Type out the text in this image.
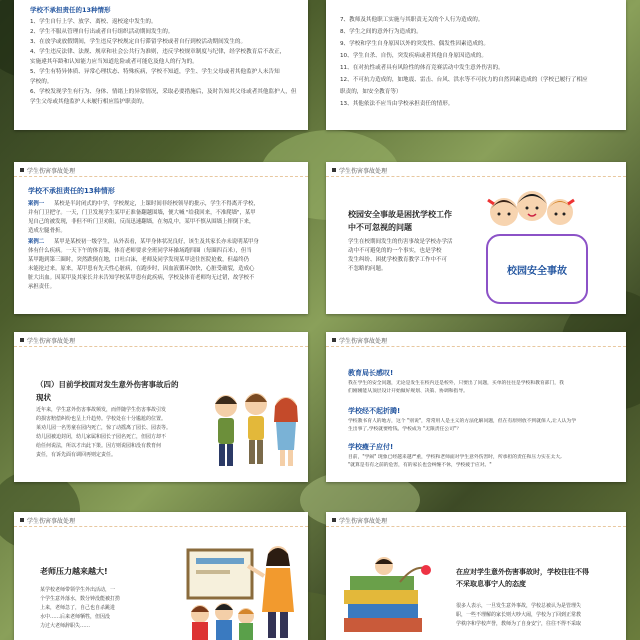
学校不承担责任的13种情形
1、学生自行上学、放学、离校、返校途中发生的。
2、学生不服从管理自行出或者自行组织活动期间发生的。
3、在放学或放假期间，学生违反学校规定自行滞留学校或者自行到校活动期间发生的。
4、学生违反法律、法规、规章和社会公共行为准则，违反学校规章制度与纪律，经学校教育后不改正，
实施違其年龄和认知能力应当知道危险或者可能危及他人的行为的。
5、学生有特异体质、异常心理状态、特殊疾病，学校不知道，学生、学生父母或者其他监护人未告知
学校的。
6、学校发现学生有行为、身体、情绪上的异常情况，采取必要措施后，及时告知其父母或者其他监护人，但
学生父母或其他监护人未履行相应监护职责的。
7、教师及其他职工实施与其职责无关的个人行为造成的。
8、学生之间的意外行为造成的。
9、学校和学生自身原因以外的突发性、偶发性因素造成的。
10、学生自杀、自伤，突发疾病或者其他自身原因造成的。
11、在对抗性或者具有风险性的体育竞赛活动中发生意外伤害的。
12、不可抗力造成的，如地震、雷击、台风、洪水等不可抗力的自然因素造成的（学校已履行了相应
职责的，如安全教育等）
13、其他依法不应当由学校承担责任的情形。
学生伤害事故处理
学校不承担责任的13种情形
案例一 某校是半封闭式的中学，学校规定，上课时间非经校领导的批示，学生不得离开学校，
并有门卫把守。一天，门卫发现学生某甲正准备翻越围墙，便大喊 "给我回来，不准爬墙"，某甲
见自己的被发现，非但不听门卫劝阻，反而迅速翻墙，在匆乱中，某甲不慎从围墙上摔倒下来，
造成左腿骨折。
案例二 某甲是某校初一级学生，从外表看，某甲身体状况良好，该生及其家长亦未说明某甲身
体有什么疾病。一天下午的体育课，体育老师要求全班同学环操场跑四圈（每圈四百米），但当
某甲跑到第三圈时，突然跌倒在地，口吐白沫，老师及同学发现某甲送往医院抢救，但最终仍
未能抢过来。原来，某甲患有先天性心脏病，在跑步时，因血液循环加快，心脏受破裂，造成心
脏大出血。因某甲及其家长并未告知学校某甲患有此疾病，学校及体育老师均无过错，故学校不
承担责任。
学生伤害事故处理
校园安全事故是困扰学校工作
中不可忽视的问题
学生在校期间发生的伤害事故是学校办学活
动中不可避免的的一个事实，也是学校
发生纠纷、困扰学校教育教学工作中不可
不忽略的问题。	校园安全事故
学生伤害事故处理
（四）目前学校面对发生意外伤害事故后的
现状
近年来，学生意外伤害事故频发，而伴随学生伤害事故引发
的损害赔偿纠纷也呈上升趋势。学校处在十分尴尬的位置。
莱劝儿园一名男童在园内死亡，惊了动摇离了园长、园表等。
幼儿园被迫封闭，幼儿家属和园长子园名死亡，但园方却不
给任何说法，所以才出此下策。因方则说园和没有教育何
责任，有诉先面有调回再则定责任。
学生伤害事故处理
教育局长感叹!
我在学生的安全问题，无论是发生在校内还是校外，只要出了问题，买单的往往是学校和教育部门，我
们刚刚能从顶层设计开始做好规划、决策、协调和指导。
学校经不起折腾!
学校教书育人的地方，这个 "别说"，常常用人是主义的方法化解问题，但在有原则放不到就保人,让人认为学
生出事了,学校就要给钱。学校成为 "无限责任公司"？
学校瘦子应付!
目前，"学闹" 现象已经越来越严重，学校和老师面对学生意外伤害时，所承担的责任和压力实在太大,
"就算是有有之前的危害，有的家长也会纠缠不休，学校疲于应对。"
学生伤害事故处理
老师压力越来越大!
某学校老师带领学生外出活动，一
个学生意外落水，数分钟没能被打捞
上来，老师急了，自己也自杀跳进
水中……后来老师牺牲，但因没
力过大老师辞职失……
学生伤害事故处理
在应对学生意外伤害事故时，学校往往不得
不采取息事宁人的态度
很多人表示，一旦发生意外事故，学校总被认为是管理失
职，一些不理解的家长则大吵大闹，学校为了回到正常教
学秩序和学校声誉，教师为了自身安宁，往往不得不采取
